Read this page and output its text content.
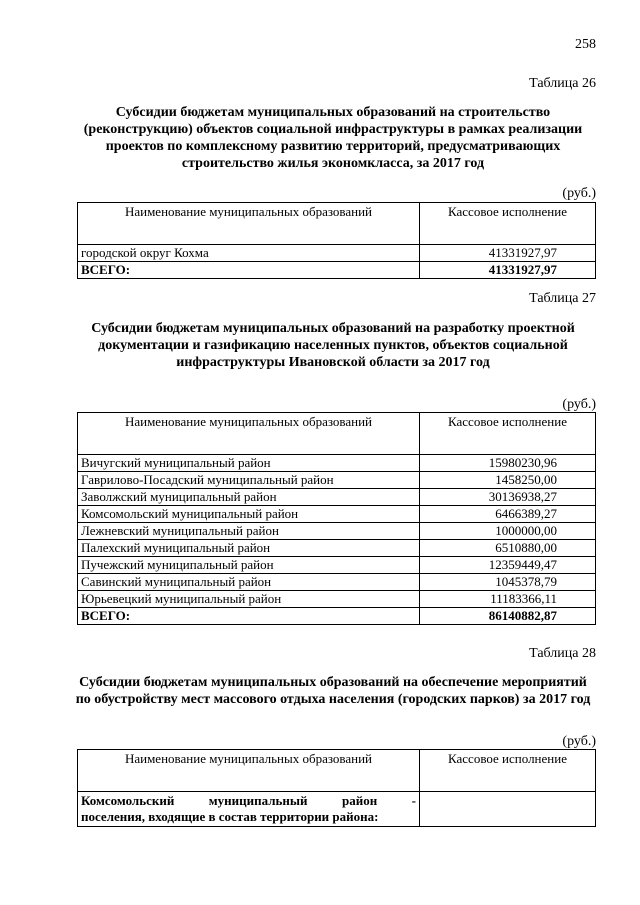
258
Таблица 26
Субсидии бюджетам муниципальных образований на строительство (реконструкцию) объектов социальной инфраструктуры в рамках реализации проектов по комплексному развитию территорий, предусматривающих строительство жилья экономкласса, за 2017 год
(руб.)
Наименование муниципальных образований	Кассовое исполнение
городской округ Кохма	41331927,97
ВСЕГО:	41331927,97
Таблица 27
Субсидии бюджетам муниципальных образований на разработку проектной документации и газификацию населенных пунктов, объектов социальной инфраструктуры Ивановской области за 2017 год
(руб.)
Наименование муниципальных образований	Кассовое исполнение
Вичугский муниципальный район	15980230,96
Гаврилово-Посадский муниципальный район	1458250,00
Заволжский муниципальный район	30136938,27
Комсомольский муниципальный район	6466389,27
Лежневский муниципальный район	1000000,00
Палехский муниципальный район	6510880,00
Пучежский муниципальный район	12359449,47
Савинский муниципальный район	1045378,79
Юрьевецкий муниципальный район	11183366,11
ВСЕГО:	86140882,87
Таблица 28
Субсидии бюджетам муниципальных образований на обеспечение мероприятий по обустройству мест массового отдыха населения (городских парков) за 2017 год
(руб.)
Наименование муниципальных образований	Кассовое исполнение

Комсомольский муниципальный район -
поселения, входящие в состав территории района:	
